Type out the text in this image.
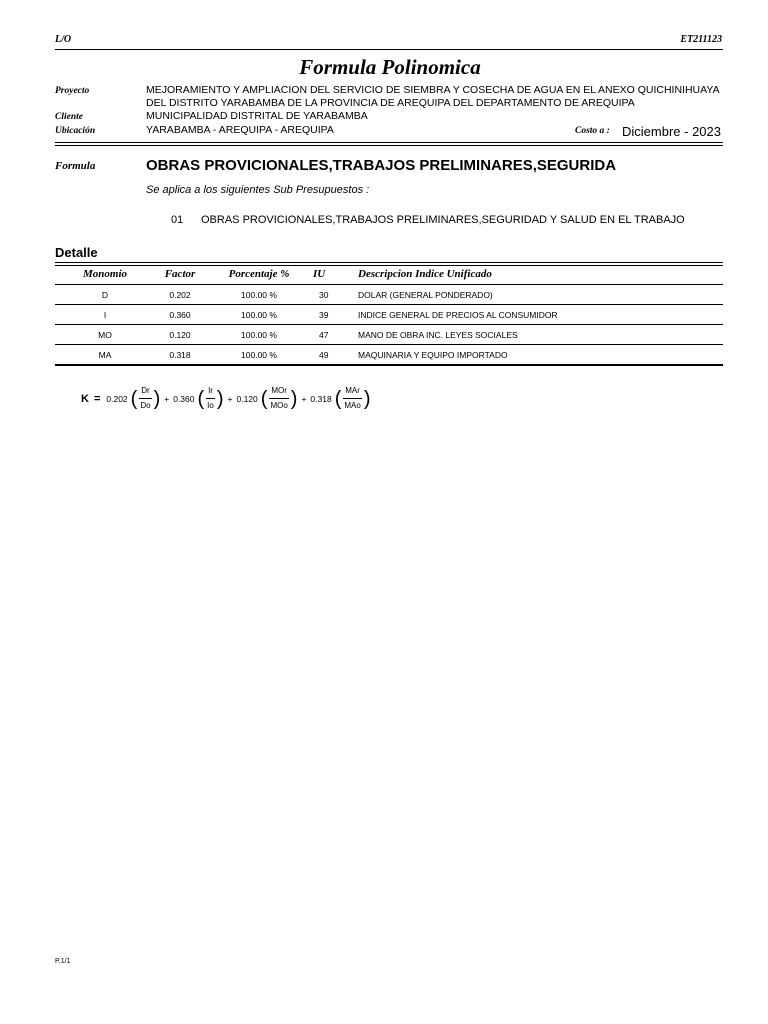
L/O	ET211123
Formula Polinomica
Proyecto	MEJORAMIENTO Y AMPLIACION DEL SERVICIO DE SIEMBRA Y COSECHA DE AGUA EN EL ANEXO QUICHINIHUAYA
DEL DISTRITO YARABAMBA DE LA PROVINCIA DE AREQUIPA DEL DEPARTAMENTO DE AREQUIPA
Cliente	MUNICIPALIDAD DISTRITAL DE YARABAMBA
Ubicación	YARABAMBA - AREQUIPA - AREQUIPA	Costo a : Diciembre - 2023
Formula	OBRAS PROVICIONALES,TRABAJOS PRELIMINARES,SEGURIDA
Se aplica a los siguientes Sub Presupuestos :
01 OBRAS PROVICIONALES,TRABAJOS PRELIMINARES,SEGURIDAD Y SALUD EN EL TRABAJO
Detalle
Monomio	Factor	Porcentaje %	IU	Descripcion Indice Unificado
D	0.202	100.00 %	30	DOLAR (GENERAL PONDERADO)
I	0.360	100.00 %	39	INDICE GENERAL DE PRECIOS AL CONSUMIDOR
MO	0.120	100.00 %	47	MANO DE OBRA INC. LEYES SOCIALES
MA	0.318	100.00 %	49	MAQUINARIA Y EQUIPO IMPORTADO
K = 0.202 ( $\frac{Dr}{Do}$ ) + 0.360 ( $\frac{Ir}{Io}$ ) + 0.120 ( $\frac{\text{MOr}}{\text{MOo}}$ ) + 0.318 ( $\frac{\text{MAr}}{\text{MAo}}$ )
P.1/1
